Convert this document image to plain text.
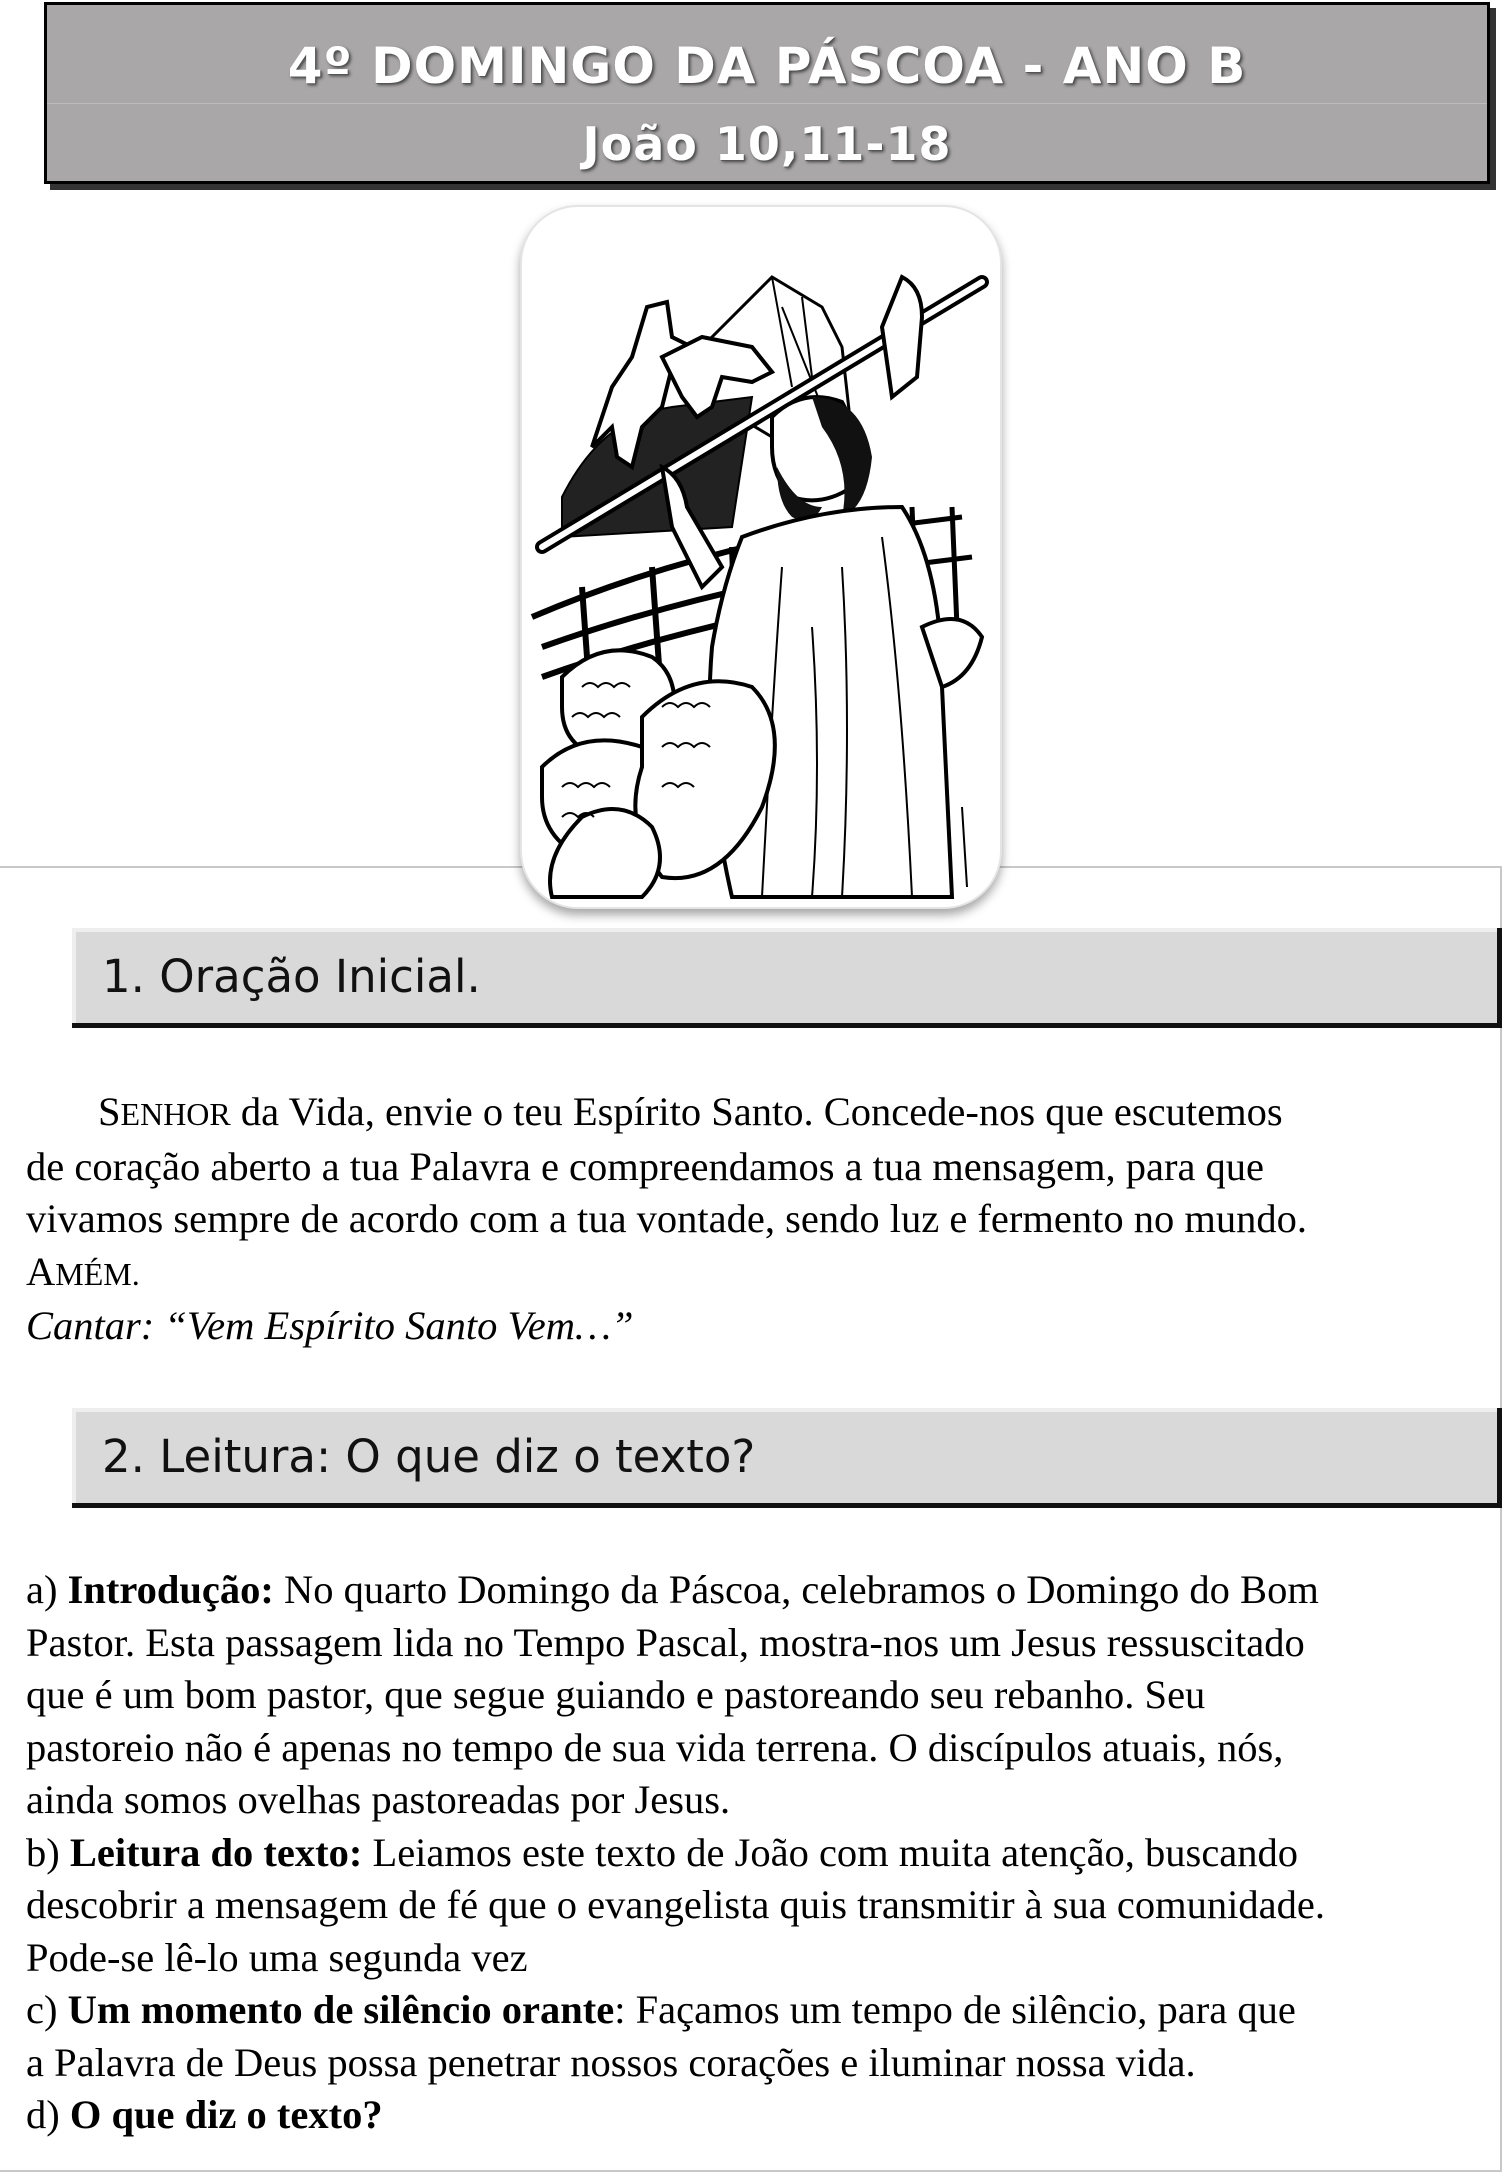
4º DOMINGO DA PÁSCOA - ANO B
João 10,11-18
1. Oração Inicial.
SENHOR da Vida, envie o teu Espírito Santo. Concede-nos que escutemos
de coração aberto a tua Palavra e compreendamos a tua mensagem, para que
vivamos sempre de acordo com a tua vontade, sendo luz e fermento no mundo.
AMÉM.
Cantar: “Vem Espírito Santo Vem…”
2. Leitura: O que diz o texto?
a) Introdução: No quarto Domingo da Páscoa, celebramos o Domingo do Bom
Pastor. Esta passagem lida no Tempo Pascal, mostra-nos um Jesus ressuscitado
que é um bom pastor, que segue guiando e pastoreando seu rebanho. Seu
pastoreio não é apenas no tempo de sua vida terrena. O discípulos atuais, nós,
ainda somos ovelhas pastoreadas por Jesus.
b) Leitura do texto: Leiamos este texto de João com muita atenção, buscando
descobrir a mensagem de fé que o evangelista quis transmitir à sua comunidade.
Pode-se lê-lo uma segunda vez
c) Um momento de silêncio orante: Façamos um tempo de silêncio, para que
a Palavra de Deus possa penetrar nossos corações e iluminar nossa vida.
d) O que diz o texto?
